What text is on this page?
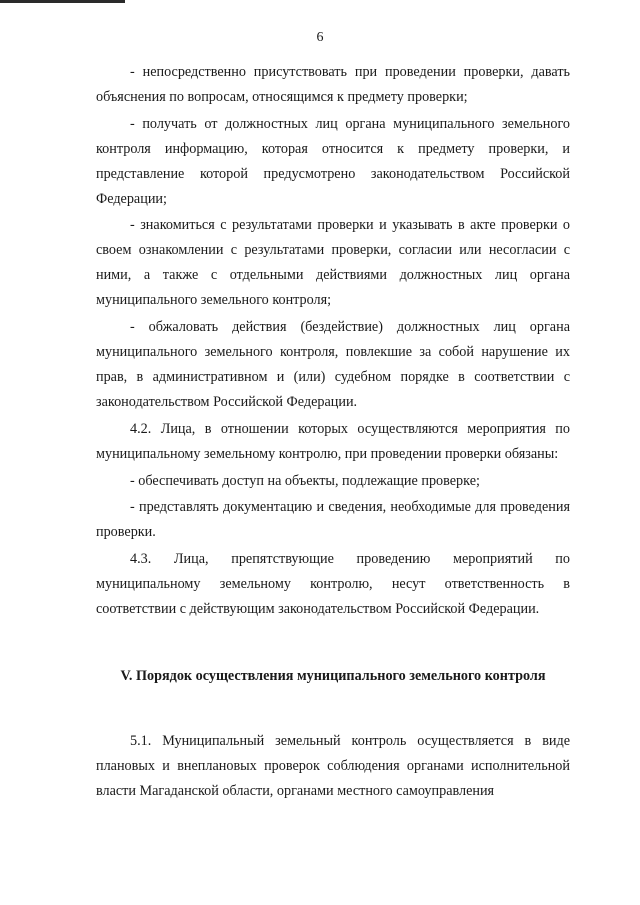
6

- непосредственно присутствовать при проведении проверки, давать объяснения по вопросам, относящимся к предмету проверки;

- получать от должностных лиц органа муниципального земельного контроля информацию, которая относится к предмету проверки, и представление которой предусмотрено законодательством Российской Федерации;

- знакомиться с результатами проверки и указывать в акте проверки о своем ознакомлении с результатами проверки, согласии или несогласии с ними, а также с отдельными действиями должностных лиц органа муниципального земельного контроля;

- обжаловать действия (бездействие) должностных лиц органа муниципального земельного контроля, повлекшие за собой нарушение их прав, в административном и (или) судебном порядке в соответствии с законодательством Российской Федерации.

4.2. Лица, в отношении которых осуществляются мероприятия по муниципальному земельному контролю, при проведении проверки обязаны:

- обеспечивать доступ на объекты, подлежащие проверке;

- представлять документацию и сведения, необходимые для проведения проверки.

4.3. Лица, препятствующие проведению мероприятий по муниципальному земельному контролю, несут ответственность в соответствии с действующим законодательством Российской Федерации.

V. Порядок осуществления муниципального земельного контроля

5.1. Муниципальный земельный контроль осуществляется в виде плановых и внеплановых проверок соблюдения органами исполнительной власти Магаданской области, органами местного самоуправления
